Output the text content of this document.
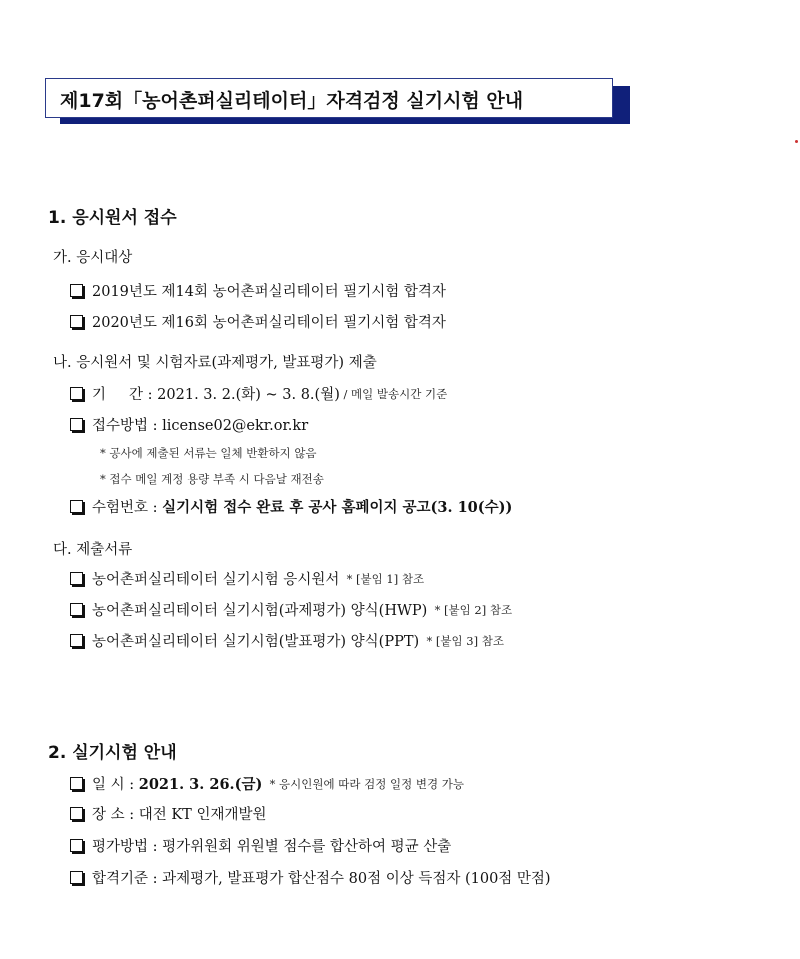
제17회「농어촌퍼실리테이터」자격검정 실기시험 안내
1. 응시원서 접수
가. 응시대상
2019년도 제14회 농어촌퍼실리테이터 필기시험 합격자
2020년도 제16회 농어촌퍼실리테이터 필기시험 합격자
나. 응시원서 및 시험자료(과제평가, 발표평가) 제출
기     간 : 2021. 3. 2.(화) ~ 3. 8.(월) / 메일 발송시간 기준
접수방법 : license02@ekr.or.kr
* 공사에 제출된 서류는 일체 반환하지 않음
* 접수 메일 계정 용량 부족 시 다음날 재전송
수험번호 : 실기시험 접수 완료 후 공사 홈페이지 공고(3. 10(수))
다. 제출서류
농어촌퍼실리테이터 실기시험 응시원서 * [붙임 1] 참조
농어촌퍼실리테이터 실기시험(과제평가) 양식(HWP) * [붙임 2] 참조
농어촌퍼실리테이터 실기시험(발표평가) 양식(PPT) * [붙임 3] 참조
2. 실기시험 안내
일 시 : 2021. 3. 26.(금) * 응시인원에 따라 검정 일정 변경 가능
장 소 : 대전 KT 인재개발원
평가방법 : 평가위원회 위원별 점수를 합산하여 평균 산출
합격기준 : 과제평가, 발표평가 합산점수 80점 이상 득점자 (100점 만점)
